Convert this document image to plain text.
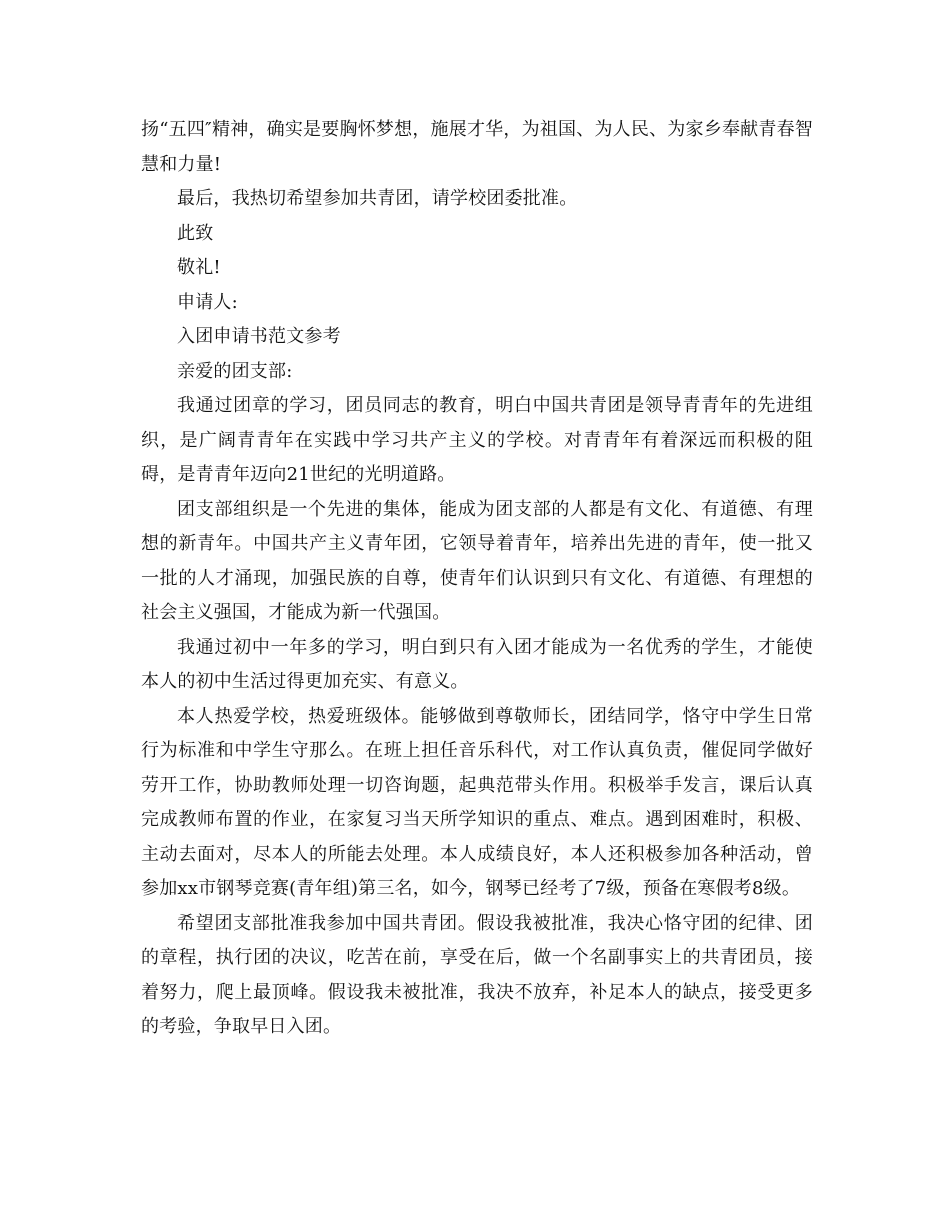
扬“五四″精神，确实是要胸怀梦想，施展才华，为祖国、为人民、为家乡奉献青春智慧和力量!

最后，我热切希望参加共青团，请学校团委批准。

此致

敬礼!

申请人:

入团申请书范文参考

亲爱的团支部:

我通过团章的学习，团员同志的教育，明白中国共青团是领导青青年的先进组织，是广阔青青年在实践中学习共产主义的学校。对青青年有着深远而积极的阻碍，是青青年迈向21世纪的光明道路。

团支部组织是一个先进的集体，能成为团支部的人都是有文化、有道德、有理想的新青年。中国共产主义青年团，它领导着青年，培养出先进的青年，使一批又一批的人才涌现，加强民族的自尊，使青年们认识到只有文化、有道德、有理想的社会主义强国，才能成为新一代强国。

我通过初中一年多的学习，明白到只有入团才能成为一名优秀的学生，才能使本人的初中生活过得更加充实、有意义。

本人热爱学校，热爱班级体。能够做到尊敬师长，团结同学，恪守中学生日常行为标准和中学生守那么。在班上担任音乐科代，对工作认真负责，催促同学做好劳开工作，协助教师处理一切咨询题，起典范带头作用。积极举手发言，课后认真完成教师布置的作业，在家复习当天所学知识的重点、难点。遇到困难时，积极、主动去面对，尽本人的所能去处理。本人成绩良好，本人还积极参加各种活动，曾参加xx市钢琴竞赛(青年组)第三名，如今，钢琴已经考了7级，预备在寒假考8级。

希望团支部批准我参加中国共青团。假设我被批准，我决心恪守团的纪律、团的章程，执行团的决议，吃苦在前，享受在后，做一个名副事实上的共青团员，接着努力，爬上最顶峰。假设我未被批准，我决不放弃，补足本人的缺点，接受更多的考验，争取早日入团。
